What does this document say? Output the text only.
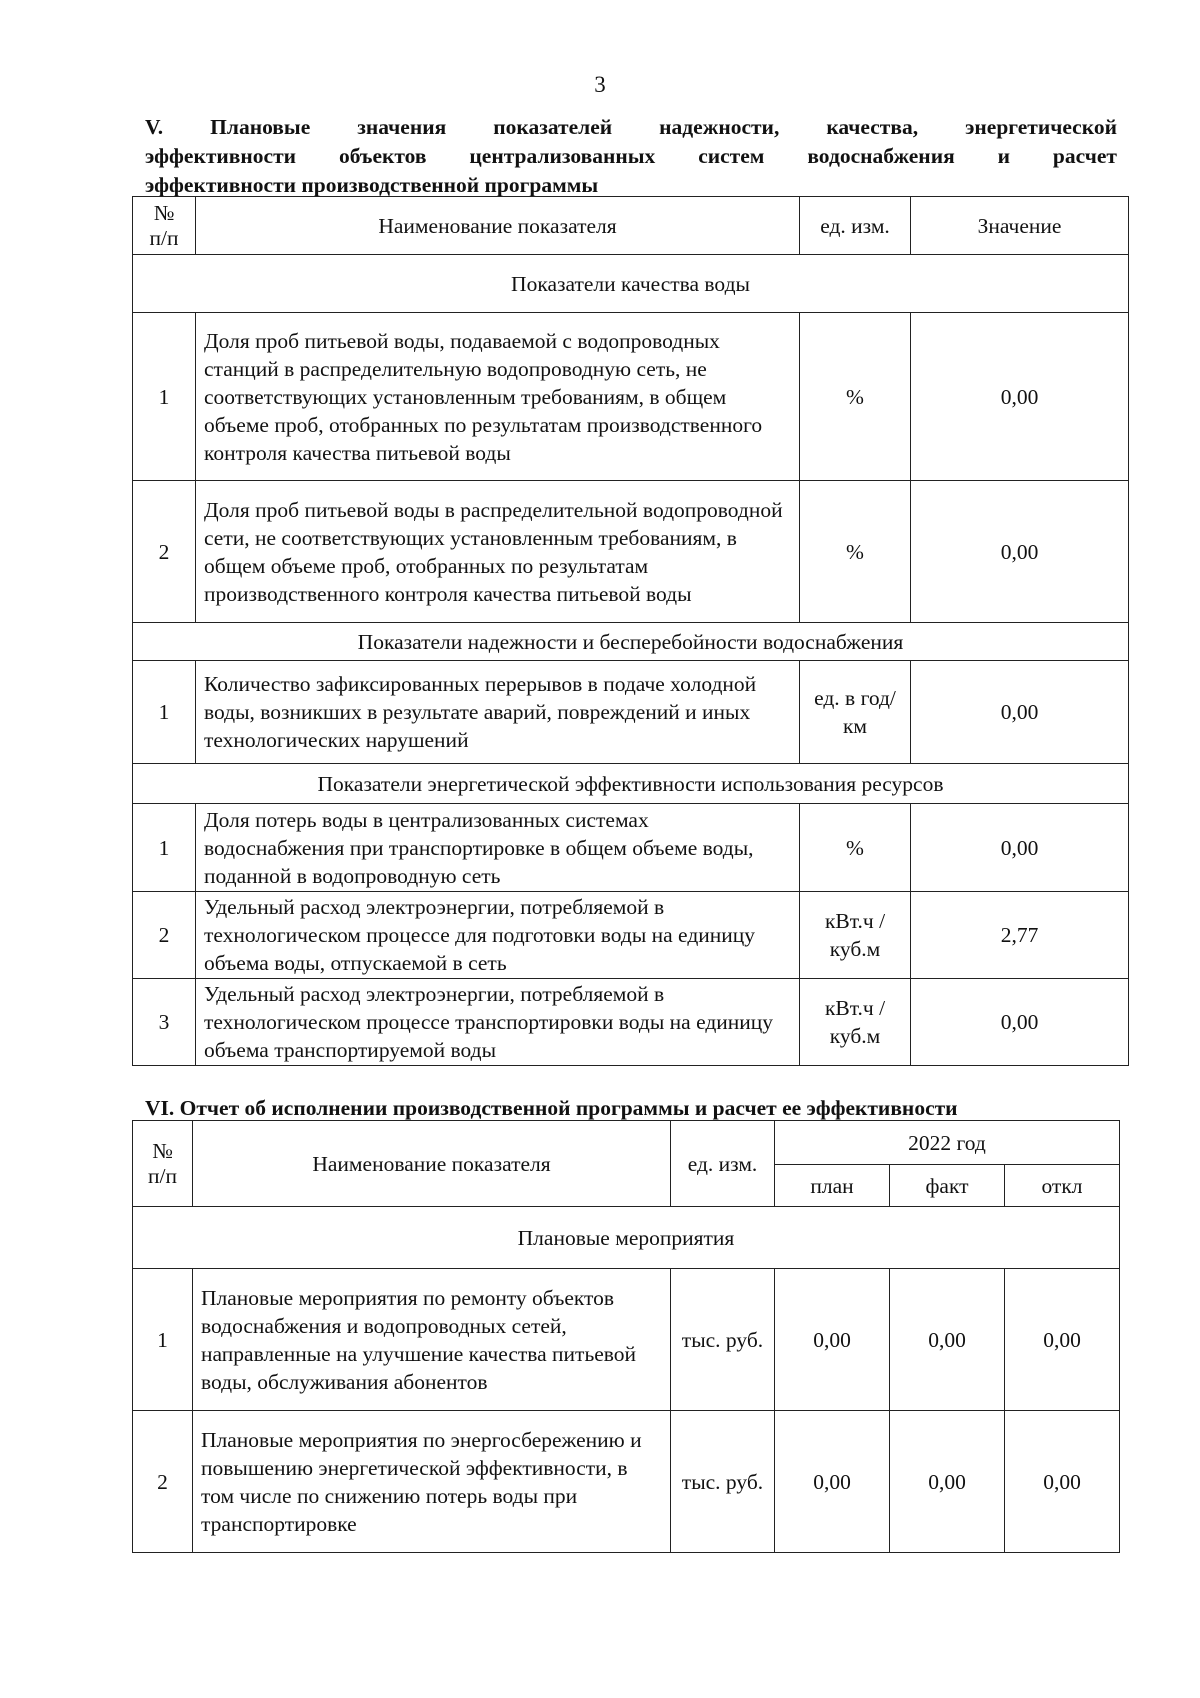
3
V. Плановые значения показателей надежности, качества, энергетической
эффективности объектов централизованных систем водоснабжения и расчет
эффективности производственной программы
№
п/п	Наименование показателя	ед. изм.	Значение
Показатели качества воды			
1	Доля проб питьевой воды, подаваемой с водопроводных станций в распределительную водопроводную сеть, не соответствующих установленным требованиям, в общем объеме проб, отобранных по результатам производственного контроля качества питьевой воды	%	0,00
2	Доля проб питьевой воды в распределительной водопроводной сети, не соответствующих установленным требованиям, в общем объеме проб, отобранных по результатам производственного контроля качества питьевой воды	%	0,00
Показатели надежности и бесперебойности водоснабжения			
1	Количество зафиксированных перерывов в подаче холодной воды, возникших в результате аварий, повреждений и иных технологических нарушений	ед. в год/ км	0,00
Показатели энергетической эффективности использования ресурсов			
1	Доля потерь воды в централизованных системах водоснабжения при транспортировке в общем объеме воды, поданной в водопроводную сеть	%	0,00
2	Удельный расход электроэнергии, потребляемой в технологическом процессе для подготовки воды на единицу объема воды, отпускаемой в сеть	кВт.ч / куб.м	2,77
3	Удельный расход электроэнергии, потребляемой в технологическом процессе транспортировки воды на единицу объема транспортируемой воды	кВт.ч / куб.м	0,00
VI. Отчет об исполнении производственной программы и расчет ее эффективности
№
п/п	Наименование показателя	ед. изм.	2022 год		
			план	факт	откл
Плановые мероприятия					
1	Плановые мероприятия по ремонту объектов водоснабжения и водопроводных сетей, направленные на улучшение качества питьевой воды, обслуживания абонентов	тыс. руб.	0,00	0,00	0,00
2	Плановые мероприятия по энергосбережению и повышению энергетической эффективности, в том числе по снижению потерь воды при транспортировке	тыс. руб.	0,00	0,00	0,00
